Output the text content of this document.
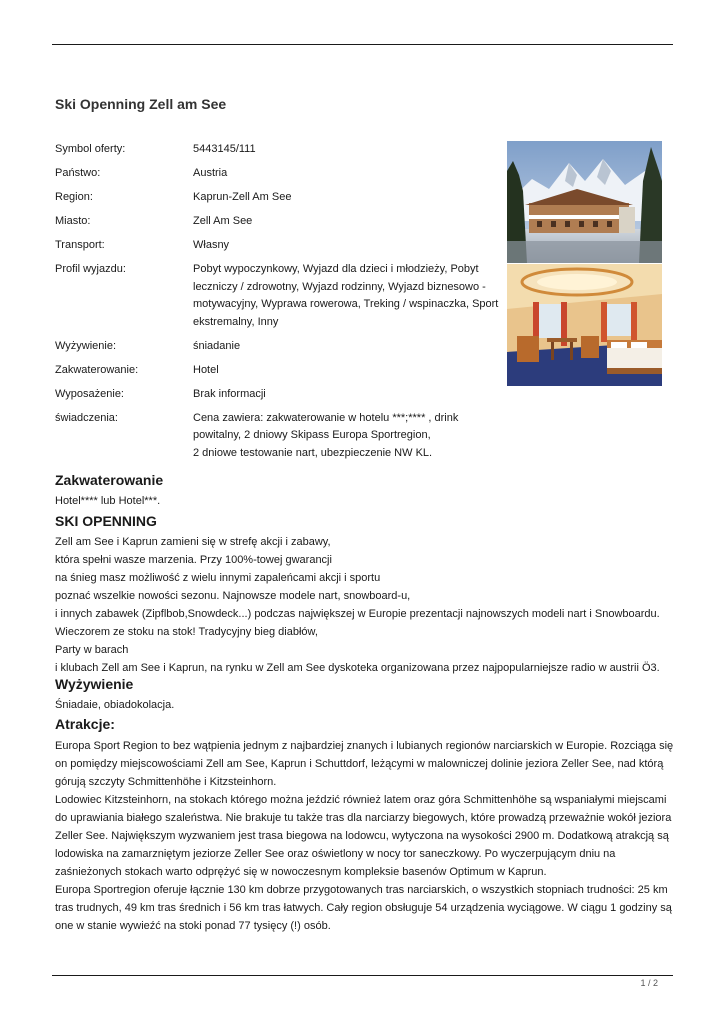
Ski Openning Zell am See
Symbol oferty:	5443145/111
Państwo:	Austria
Region:	Kaprun-Zell Am See
Miasto:	Zell Am See
Transport:	Własny
Profil wyjazdu:	Pobyt wypoczynkowy, Wyjazd dla dzieci i młodzieży, Pobyt
leczniczy / zdrowotny, Wyjazd rodzinny, Wyjazd biznesowo -
motywacyjny, Wyprawa rowerowa, Treking / wspinaczka, Sport
ekstremalny, Inny
Wyżywienie:	śniadanie
Zakwaterowanie:	Hotel
Wyposażenie:	Brak informacji
świadczenia:	Cena zawiera: zakwaterowanie w hotelu ***;**** , drink
powitalny, 2 dniowy Skipass Europa Sportregion,
2 dniowe testowanie nart, ubezpieczenie NW KL.
Zakwaterowanie

Hotel**** lub Hotel***.

SKI OPENNING

Zell am See i Kaprun zamieni się w strefę akcji i zabawy,
która spełni wasze marzenia. Przy 100%-towej gwarancji
na śnieg masz możliwość z wielu innymi zapaleńcami akcji i sportu
poznać wszelkie nowości sezonu. Najnowsze modele nart, snowboard-u,
i innych zabawek (Zipflbob,Snowdeck...) podczas największej w Europie prezentacji najnowszych modeli nart i Snowboardu.
Wieczorem ze stoku na stok! Tradycyjny bieg diabłów,
Party w barach
i klubach Zell am See i Kaprun, na rynku w Zell am See dyskoteka organizowana przez najpopularniejsze radio w austrii Ö3.

Wyżywienie

Śniadaie, obiadokolacja.

Atrakcje:

Europa Sport Region to bez wątpienia jednym z najbardziej znanych i lubianych regionów narciarskich w Europie. Rozciąga się
on pomiędzy miejscowościami Zell am See, Kaprun i Schuttdorf, leżącymi w malowniczej dolinie jeziora Zeller See, nad którą
górują szczyty Schmittenhöhe i Kitzsteinhorn.
Lodowiec Kitzsteinhorn, na stokach którego można jeździć również latem oraz góra Schmittenhöhe są wspaniałymi miejscami
do uprawiania białego szaleństwa. Nie brakuje tu także tras dla narciarzy biegowych, które prowadzą przeważnie wokół jeziora
Zeller See. Największym wyzwaniem jest trasa biegowa na lodowcu, wytyczona na wysokości 2900 m. Dodatkową atrakcją są
lodowiska na zamarzniętym jeziorze Zeller See oraz oświetlony w nocy tor saneczkowy. Po wyczerpującym dniu na
zaśnieżonych stokach warto odprężyć się w nowoczesnym kompleksie basenów Optimum w Kaprun.
Europa Sportregion oferuje łącznie 130 km dobrze przygotowanych tras narciarskich, o wszystkich stopniach trudności: 25 km
tras trudnych, 49 km tras średnich i 56 km tras łatwych. Cały region obsługuje 54 urządzenia wyciągowe. W ciągu 1 godziny są
one w stanie wywieźć na stoki ponad 77 tysięcy (!) osób.

1 / 2
